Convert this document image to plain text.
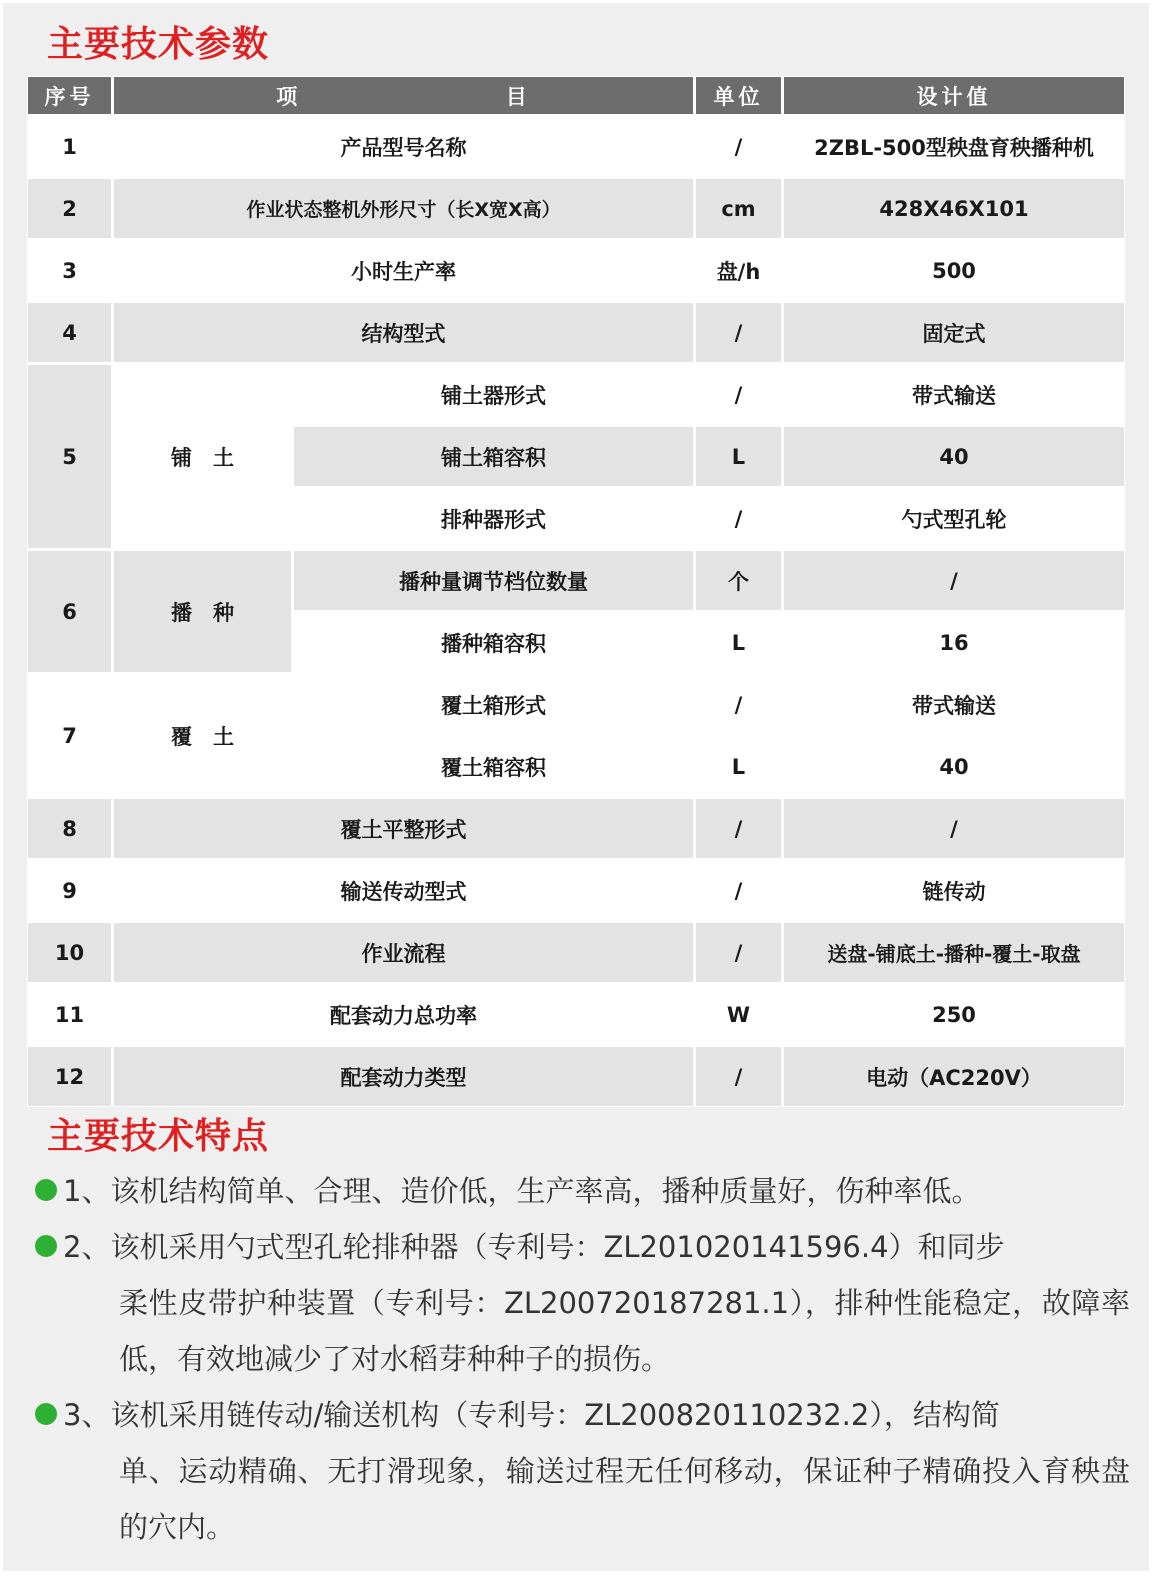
主要技术参数
序号	项 目		单位	设计值
1	产品型号名称		/	2ZBL-500型秧盘育秧播种机
2	作业状态整机外形尺寸（长X宽X高）		cm	428X46X101
3	小时生产率		盘/h	500
4	结构型式		/	固定式
5	铺　土	铺土器形式	/	带式输送
		铺土箱容积	L	40
		排种器形式	/	勺式型孔轮
6	播　种	播种量调节档位数量	个	/
		播种箱容积	L	16
7	覆　土	覆土箱形式	/	带式输送
		覆土箱容积	L	40
8	覆土平整形式		/	/
9	输送传动型式		/	链传动
10	作业流程		/	送盘-铺底土-播种-覆土-取盘
11	配套动力总功率		W	250
12	配套动力类型		/	电动（AC220V）
主要技术特点
1、该机结构简单、合理、造价低，生产率高，播种质量好，伤种率低。
2、该机采用勺式型孔轮排种器（专利号：ZL201020141596.4）和同步
柔性皮带护种装置（专利号：ZL200720187281.1），排种性能稳定，故障率低，有效地减少了对水稻芽种种子的损伤。
3、该机采用链传动/输送机构（专利号：ZL200820110232.2），结构简
单、运动精确、无打滑现象，输送过程无任何移动，保证种子精确投入育秧盘的穴内。
